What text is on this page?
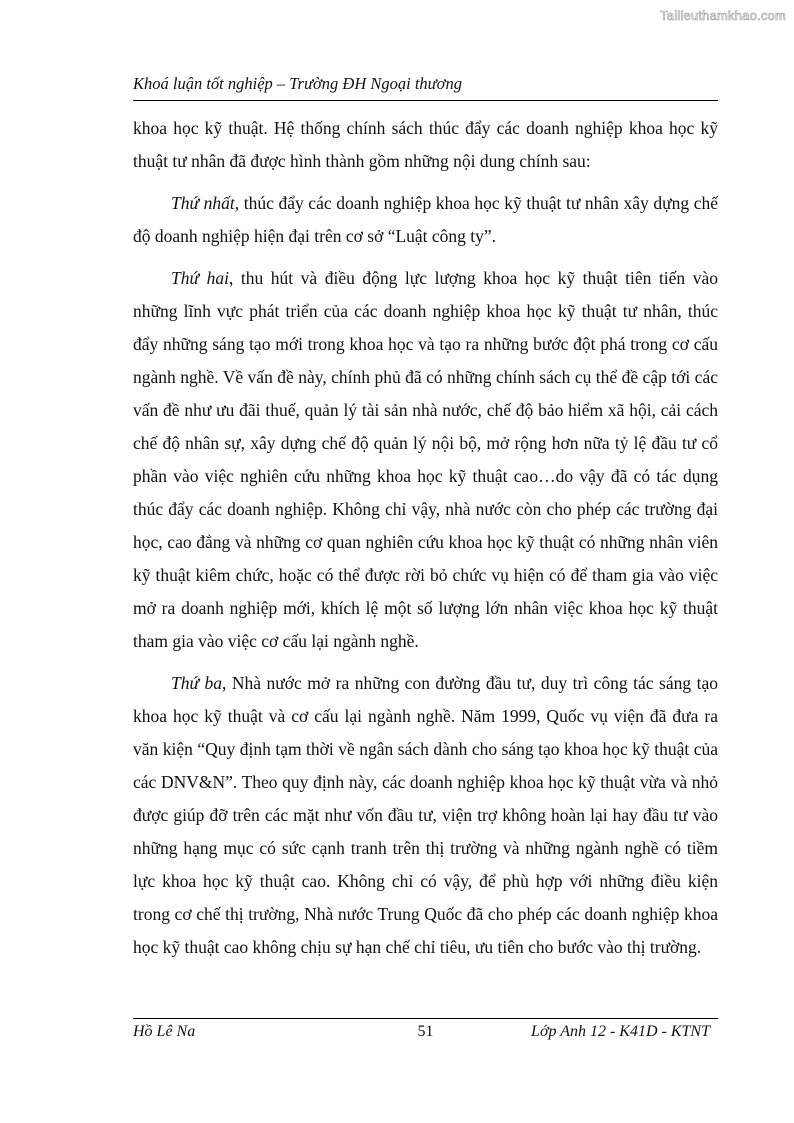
Tailieuthamkhao.com
Khoá luận tốt nghiệp – Trường ĐH Ngoại thương

khoa học kỹ thuật. Hệ thống chính sách thúc đẩy các doanh nghiệp khoa học kỹ thuật tư nhân đã được hình thành gồm những nội dung chính sau:

Thứ nhất, thúc đẩy các doanh nghiệp khoa học kỹ thuật tư nhân xây dựng chế độ doanh nghiệp hiện đại trên cơ sở “Luật công ty”.

Thứ hai, thu hút và điều động lực lượng khoa học kỹ thuật tiên tiến vào những lĩnh vực phát triển của các doanh nghiệp khoa học kỹ thuật tư nhân, thúc đẩy những sáng tạo mới trong khoa học và tạo ra những bước đột phá trong cơ cấu ngành nghề. Về vấn đề này, chính phủ đã có những chính sách cụ thể đề cập tới các vấn đề như ưu đãi thuế, quản lý tài sản nhà nước, chế độ bảo hiểm xã hội, cải cách chế độ nhân sự, xây dựng chế độ quản lý nội bộ, mở rộng hơn nữa tỷ lệ đầu tư cổ phần vào việc nghiên cứu những khoa học kỹ thuật cao…do vậy đã có tác dụng thúc đẩy các doanh nghiệp. Không chỉ vậy, nhà nước còn cho phép các trường đại học, cao đẳng và những cơ quan nghiên cứu khoa học kỹ thuật có những nhân viên kỹ thuật kiêm chức, hoặc có thể được rời bỏ chức vụ hiện có để tham gia vào việc mở ra doanh nghiệp mới, khích lệ một số lượng lớn nhân việc khoa học kỹ thuật tham gia vào việc cơ cấu lại ngành nghề.

Thứ ba, Nhà nước mở ra những con đường đầu tư, duy trì công tác sáng tạo khoa học kỹ thuật và cơ cấu lại ngành nghề. Năm 1999, Quốc vụ viện đã đưa ra văn kiện “Quy định tạm thời về ngân sách dành cho sáng tạo khoa học kỹ thuật của các DNV&N”. Theo quy định này, các doanh nghiệp khoa học kỹ thuật vừa và nhỏ được giúp đỡ trên các mặt như vốn đầu tư, viện trợ không hoàn lại hay đầu tư vào những hạng mục có sức cạnh tranh trên thị trường và những ngành nghề có tiềm lực khoa học kỹ thuật cao. Không chỉ có vậy, để phù hợp với những điều kiện trong cơ chế thị trường, Nhà nước Trung Quốc đã cho phép các doanh nghiệp khoa học kỹ thuật cao không chịu sự hạn chế chỉ tiêu, ưu tiên cho bước vào thị trường.

Hồ Lê Na	51	Lớp Anh 12 - K41D - KTNT
